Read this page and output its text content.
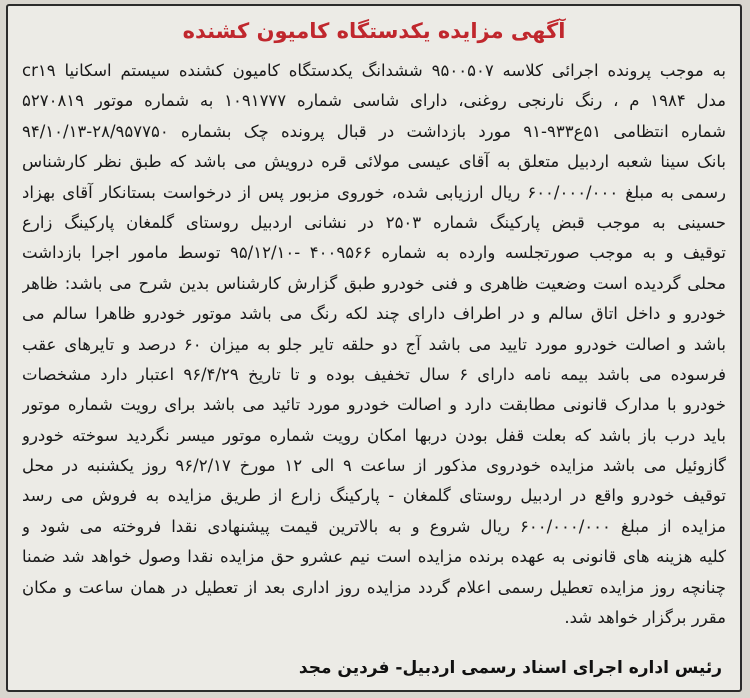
آگهی مزایده یکدستگاه کامیون کشنده
به موجب پرونده اجرائی کلاسه ۹۵۰۰۵۰۷ ششدانگ یکدستگاه کامیون کشنده سیستم اسکانیا cr۱۹
مدل ۱۹۸۴ م ، رنگ نارنجی روغنی، دارای شاسی شماره ۱۰۹۱۷۷۷ به شماره موتور ۵۲۷۰۸۱۹
شماره انتظامی ۵۱ع۹۳۳-۹۱ مورد بازداشت در قبال پرونده چک بشماره ۲۸/۹۵۷۷۵۰-۹۴/۱۰/۱۳
بانک سینا شعبه اردبیل متعلق به آقای عیسی مولائی قره درویش می باشد که طبق نظر کارشناس
رسمی به مبلغ ۶۰۰/۰۰۰/۰۰۰ ریال ارزیابی شده، خوروی مزبور پس از درخواست بستانکار آقای بهزاد
حسینی به موجب قبض پارکینگ شماره ۲۵۰۳ در نشانی اردبیل روستای گلمغان پارکینگ زارع
توقیف و به موجب صورتجلسه وارده به شماره ۴۰۰۹۵۶۶ -۹۵/۱۲/۱۰ توسط مامور اجرا بازداشت
محلی گردیده است وضعیت ظاهری و فنی خودرو طبق گزارش کارشناس بدین شرح می باشد: ظاهر
خودرو و داخل اتاق سالم و در اطراف دارای چند لکه رنگ می باشد موتور خودرو ظاهرا سالم می
باشد و اصالت خودرو مورد تایید می باشد آج دو حلقه تایر جلو به میزان ۶۰ درصد و تایرهای عقب
فرسوده می باشد بیمه نامه دارای ۶ سال تخفیف بوده و تا تاریخ ۹۶/۴/۲۹ اعتبار دارد مشخصات
خودرو با مدارک قانونی مطابقت دارد و اصالت خودرو مورد تائید می باشد برای رویت شماره موتور
باید درب باز باشد که بعلت قفل بودن دربها امکان رویت شماره موتور میسر نگردید سوخته خودرو
گازوئیل می باشد مزایده خودروی مذکور از ساعت ۹ الی ۱۲ مورخ ۹۶/۲/۱۷ روز یکشنبه در محل
توقیف خودرو واقع در اردبیل روستای گلمغان - پارکینگ زارع از طریق مزایده به فروش می رسد
مزایده از مبلغ ۶۰۰/۰۰۰/۰۰۰ ریال شروع و به بالاترین قیمت پیشنهادی نقدا فروخته می شود و
کلیه هزینه های قانونی به عهده برنده مزایده است نیم عشرو حق مزایده نقدا وصول خواهد شد ضمنا
چنانچه روز مزایده تعطیل رسمی اعلام گردد مزایده روز اداری بعد از تعطیل در همان ساعت و مکان
مقرر برگزار خواهد شد.
رئیس اداره اجرای اسناد رسمی اردبیل- فردین مجد
